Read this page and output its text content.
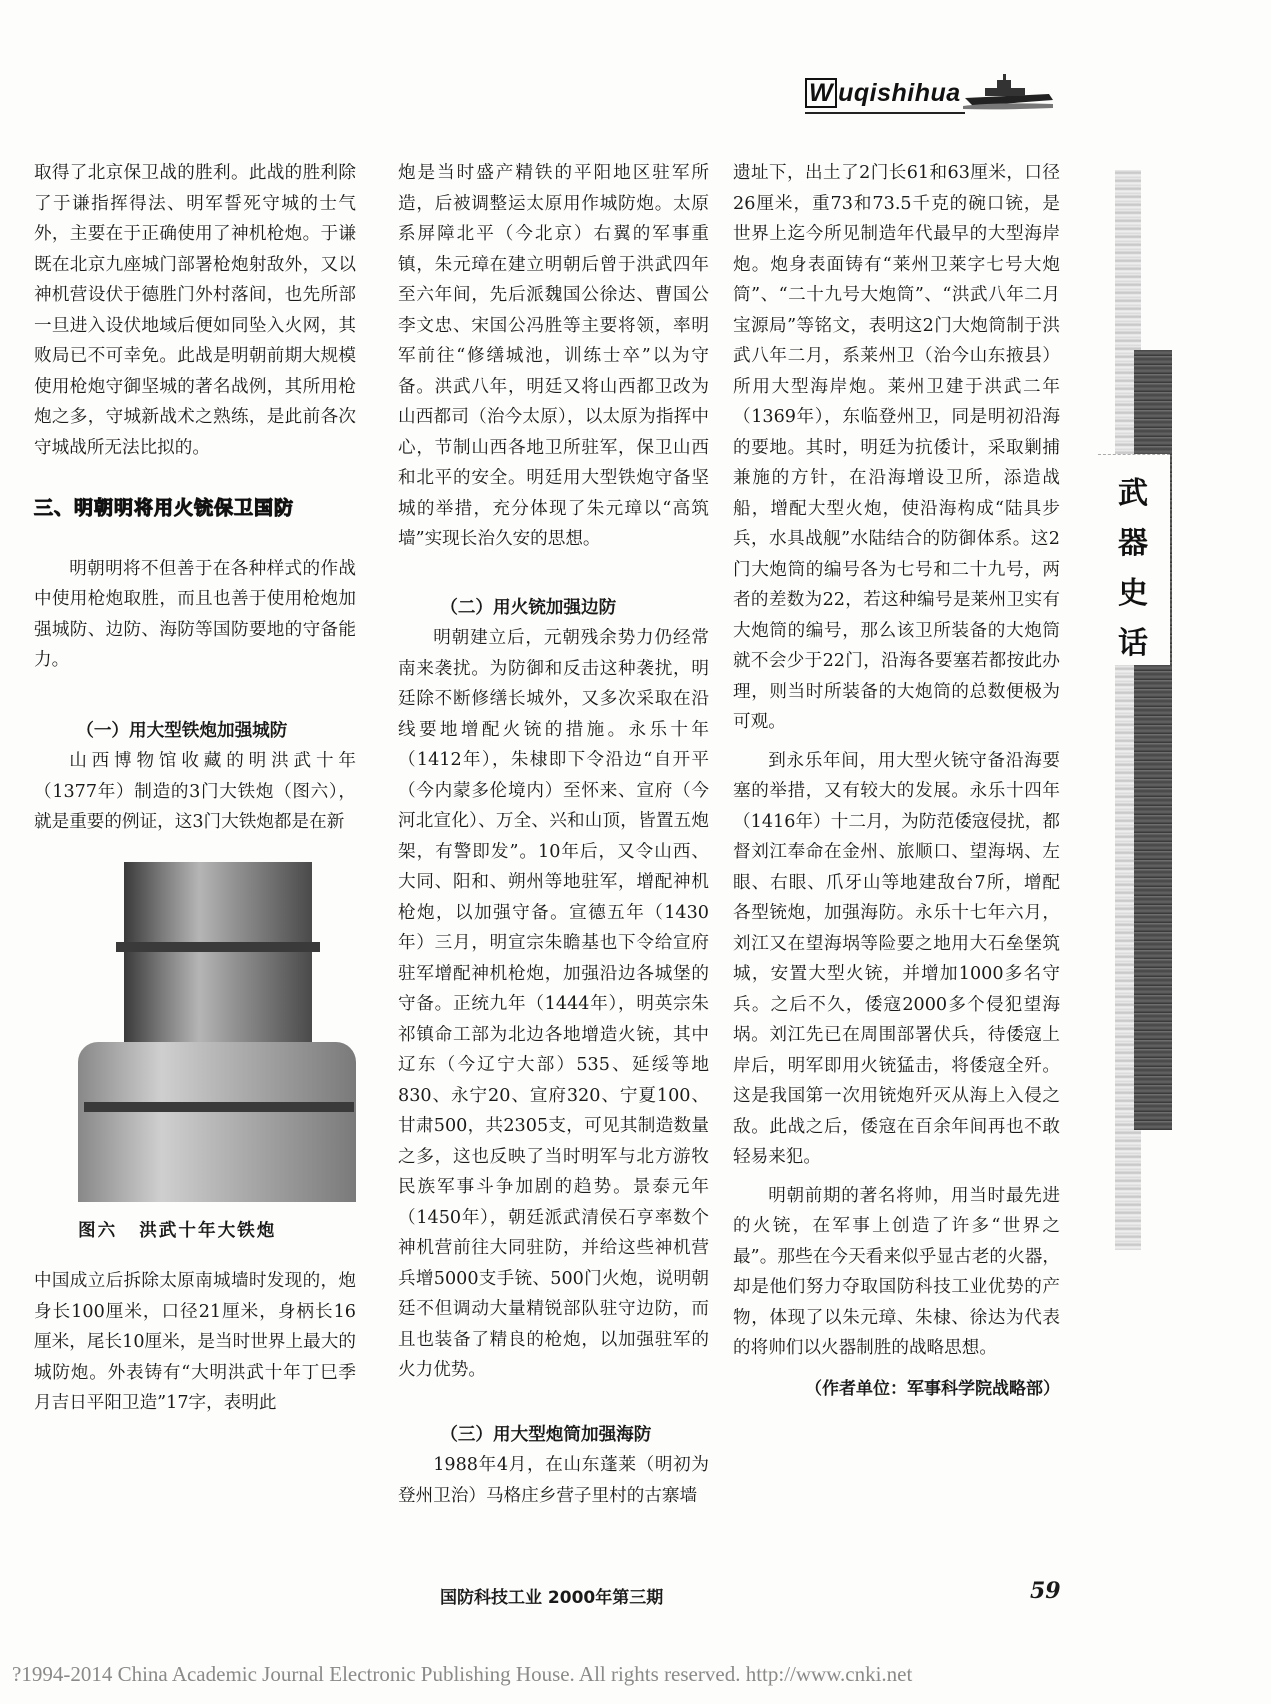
W uqishihua

取得了北京保卫战的胜利。此战的胜利除了于谦指挥得法、明军誓死守城的士气外，主要在于正确使用了神机枪炮。于谦既在北京九座城门部署枪炮射敌外，又以神机营设伏于德胜门外村落间，也先所部一旦进入设伏地域后便如同坠入火网，其败局已不可幸免。此战是明朝前期大规模使用枪炮守御坚城的著名战例，其所用枪炮之多，守城新战术之熟练，是此前各次守城战所无法比拟的。

三、明朝明将用火铳保卫国防

明朝明将不但善于在各种样式的作战中使用枪炮取胜，而且也善于使用枪炮加强城防、边防、海防等国防要地的守备能力。

（一）用大型铁炮加强城防

山西博物馆收藏的明洪武十年（1377年）制造的3门大铁炮（图六），就是重要的例证，这3门大铁炮都是在新

图六 洪武十年大铁炮

中国成立后拆除太原南城墙时发现的，炮身长100厘米，口径21厘米，身柄长16厘米，尾长10厘米，是当时世界上最大的城防炮。外表铸有“大明洪武十年丁巳季月吉日平阳卫造”17字，表明此

炮是当时盛产精铁的平阳地区驻军所造，后被调整运太原用作城防炮。太原系屏障北平（今北京）右翼的军事重镇，朱元璋在建立明朝后曾于洪武四年至六年间，先后派魏国公徐达、曹国公李文忠、宋国公冯胜等主要将领，率明军前往“修缮城池，训练士卒”以为守备。洪武八年，明廷又将山西都卫改为山西都司（治今太原），以太原为指挥中心，节制山西各地卫所驻军，保卫山西和北平的安全。明廷用大型铁炮守备坚城的举措，充分体现了朱元璋以“高筑墙”实现长治久安的思想。

（二）用火铳加强边防

明朝建立后，元朝残余势力仍经常南来袭扰。为防御和反击这种袭扰，明廷除不断修缮长城外，又多次采取在沿线要地增配火铳的措施。永乐十年（1412年），朱棣即下令沿边“自开平（今内蒙多伦境内）至怀来、宣府（今河北宣化）、万全、兴和山顶，皆置五炮架，有警即发”。10年后，又令山西、大同、阳和、朔州等地驻军，增配神机枪炮，以加强守备。宣德五年（1430年）三月，明宣宗朱瞻基也下令给宣府驻军增配神机枪炮，加强沿边各城堡的守备。正统九年（1444年），明英宗朱祁镇命工部为北边各地增造火铳，其中辽东（今辽宁大部）535、延绥等地830、永宁20、宣府320、宁夏100、甘肃500，共2305支，可见其制造数量之多，这也反映了当时明军与北方游牧民族军事斗争加剧的趋势。景泰元年（1450年），朝廷派武清侯石亨率数个神机营前往大同驻防，并给这些神机营兵增5000支手铳、500门火炮，说明朝廷不但调动大量精锐部队驻守边防，而且也装备了精良的枪炮，以加强驻军的火力优势。

（三）用大型炮筒加强海防

1988年4月，在山东蓬莱（明初为登州卫治）马格庄乡营子里村的古寨墙

遗址下，出土了2门长61和63厘米，口径26厘米，重73和73.5千克的碗口铳，是世界上迄今所见制造年代最早的大型海岸炮。炮身表面铸有“莱州卫莱字七号大炮筒”、“二十九号大炮筒”、“洪武八年二月宝源局”等铭文，表明这2门大炮筒制于洪武八年二月，系莱州卫（治今山东掖县）所用大型海岸炮。莱州卫建于洪武二年（1369年），东临登州卫，同是明初沿海的要地。其时，明廷为抗倭计，采取剿捕兼施的方针，在沿海增设卫所，添造战船，增配大型火炮，使沿海构成“陆具步兵，水具战舰”水陆结合的防御体系。这2门大炮筒的编号各为七号和二十九号，两者的差数为22，若这种编号是莱州卫实有大炮筒的编号，那么该卫所装备的大炮筒就不会少于22门，沿海各要塞若都按此办理，则当时所装备的大炮筒的总数便极为可观。

到永乐年间，用大型火铳守备沿海要塞的举措，又有较大的发展。永乐十四年（1416年）十二月，为防范倭寇侵扰，都督刘江奉命在金州、旅顺口、望海埚、左眼、右眼、爪牙山等地建敌台7所，增配各型铳炮，加强海防。永乐十七年六月，刘江又在望海埚等险要之地用大石垒堡筑城，安置大型火铳，并增加1000多名守兵。之后不久，倭寇2000多个侵犯望海埚。刘江先已在周围部署伏兵，待倭寇上岸后，明军即用火铳猛击，将倭寇全歼。这是我国第一次用铳炮歼灭从海上入侵之敌。此战之后，倭寇在百余年间再也不敢轻易来犯。

明朝前期的著名将帅，用当时最先进的火铳，在军事上创造了许多“世界之最”。那些在今天看来似乎显古老的火器，却是他们努力夺取国防科技工业优势的产物，体现了以朱元璋、朱棣、徐达为代表的将帅们以火器制胜的战略思想。

（作者单位：军事科学院战略部）
武
器
史
话
国防科技工业 2000年第三期	59
?1994-2014 China Academic Journal Electronic Publishing House. All rights reserved. http://www.cnki.net
